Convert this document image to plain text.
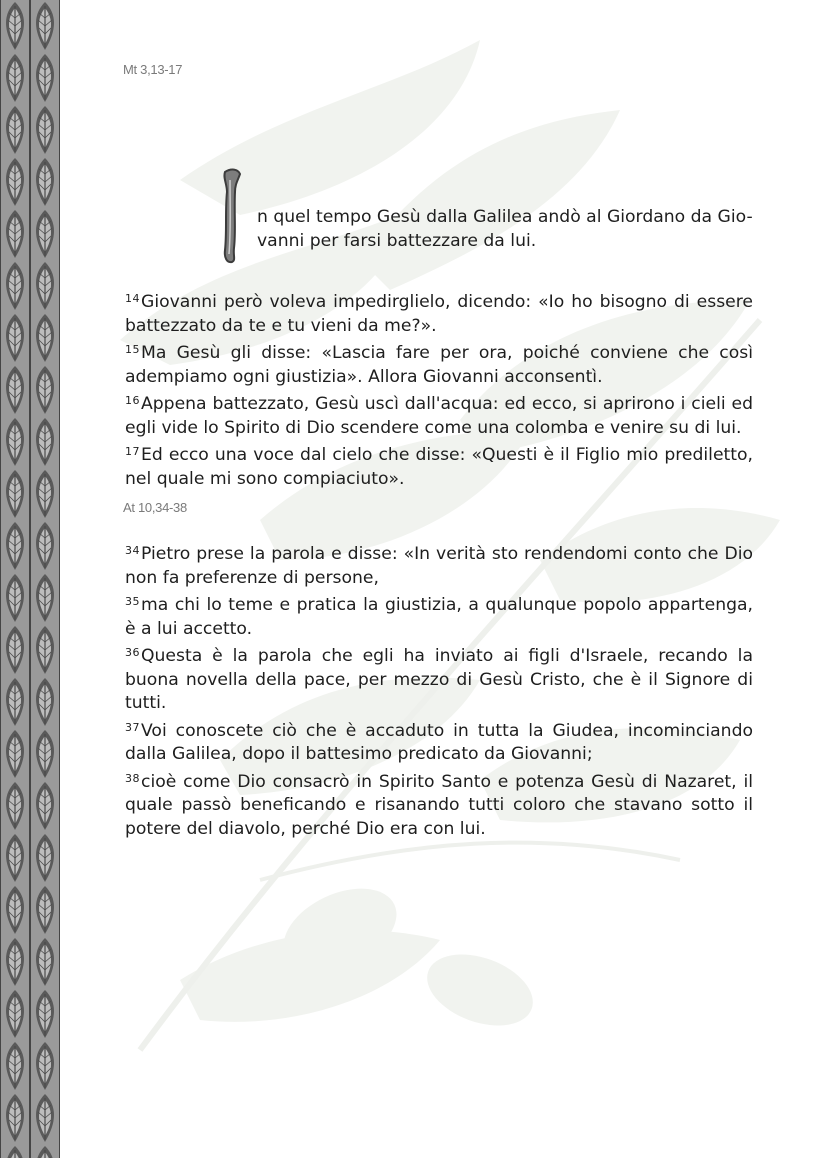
Mt 3,13-17

n quel tempo Gesù dalla Galilea andò al Giordano da Gio-

vanni per farsi battezzare da lui.

$^{14}$Giovanni però voleva impedirglielo, dicendo: «Io ho bisogno di essere battezzato da te e tu vieni da me?».
$^{15}$Ma Gesù gli disse: «Lascia fare per ora, poiché conviene che così adempiamo ogni giustizia». Allora Giovanni acconsentì.
$^{16}$Appena battezzato, Gesù uscì dall'acqua: ed ecco, si aprirono i cieli ed egli vide lo Spirito di Dio scendere come una colomba e venire su di lui.
$^{17}$Ed ecco una voce dal cielo che disse: «Questi è il Figlio mio prediletto, nel quale mi sono compiaciuto».
At 10,34-38
$^{34}$Pietro prese la parola e disse: «In verità sto rendendomi conto che Dio non fa preferenze di persone,
$^{35}$ma chi lo teme e pratica la giustizia, a qualunque popolo appartenga, è a lui accetto.
$^{36}$Questa è la parola che egli ha inviato ai figli d'Israele, recando la buona novella della pace, per mezzo di Gesù Cristo, che è il Signore di tutti.
$^{37}$Voi conoscete ciò che è accaduto in tutta la Giudea, incominciando dalla Galilea, dopo il battesimo predicato da Giovanni;
$^{38}$cioè come Dio consacrò in Spirito Santo e potenza Gesù di Nazaret, il quale passò beneficando e risanando tutti coloro che stavano sotto il potere del diavolo, perché Dio era con lui.
